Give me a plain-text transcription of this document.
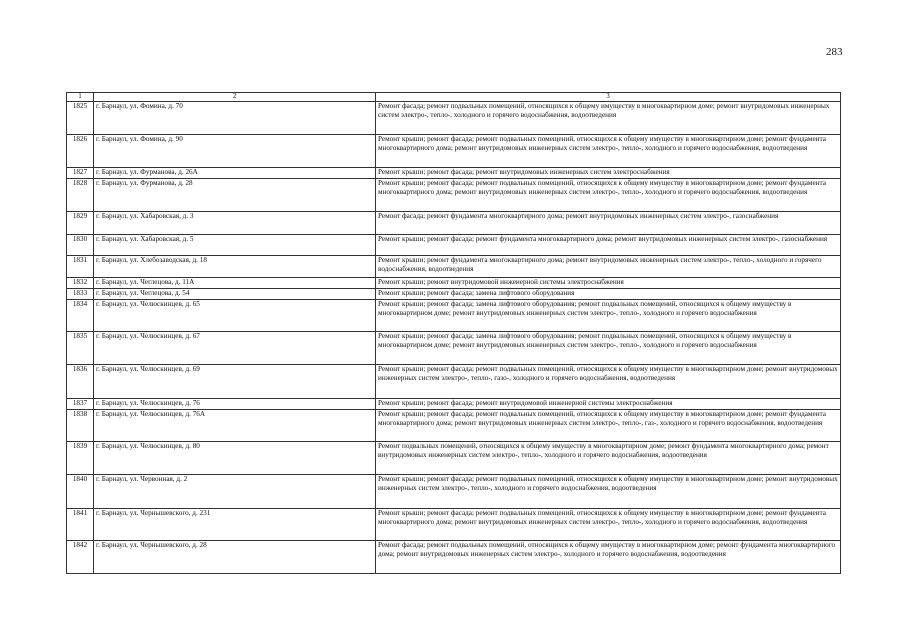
283
1	2	3
1825	г. Барнаул, ул. Фомина, д. 70	Ремонт фасада; ремонт подвальных помещений, относящихся к общему имуществу в многоквартирном доме; ремонт внутридомовых инженерных систем электро-, тепло-, холодного и горячего водоснабжения, водоотведения
1826	г. Барнаул, ул. Фомина, д. 90	Ремонт крыши; ремонт фасада; ремонт подвальных помещений, относящихся к общему имуществу в многоквартирном доме; ремонт фундамента многоквартирного дома; ремонт внутридомовых инженерных систем электро-, тепло-, холодного и горячего водоснабжения, водоотведения
1827	г. Барнаул, ул. Фурманова, д. 26А	Ремонт крыши; ремонт фасада; ремонт внутридомовых инженерных систем электроснабжения
1828	г. Барнаул, ул. Фурманова, д. 28	Ремонт крыши; ремонт фасада; ремонт подвальных помещений, относящихся к общему имуществу в многоквартирном доме; ремонт фундамента многоквартирного дома; ремонт внутридомовых инженерных систем электро-, тепло-, холодного и горячего водоснабжения, водоотведения
1829	г. Барнаул, ул. Хабаровская, д. 3	Ремонт фасада; ремонт фундамента многоквартирного дома; ремонт внутридомовых инженерных систем электро-, газоснабжения
1830	г. Барнаул, ул. Хабаровская, д. 5	Ремонт крыши; ремонт фасада; ремонт фундамента многоквартирного дома; ремонт внутридомовых инженерных систем электро-, газоснабжения
1831	г. Барнаул, ул. Хлебозаводская, д. 18	Ремонт крыши; ремонт фундамента многоквартирного дома; ремонт внутридомовых инженерных систем электро-, тепло-, холодного и горячего водоснабжения, водоотведения
1832	г. Барнаул, ул. Чеглецова, д. 11А	Ремонт крыши; ремонт внутридомовой инженерной системы электроснабжения
1833	г. Барнаул, ул. Чеглецова, д. 54	Ремонт крыши; ремонт фасада; замена лифтового оборудования
1834	г. Барнаул, ул. Челюскинцев, д. 65	Ремонт крыши; ремонт фасада; замена лифтового оборудования; ремонт подвальных помещений, относящихся к общему имуществу в многоквартирном доме; ремонт внутридомовых инженерных систем электро-, тепло-, холодного и горячего водоснабжения
1835	г. Барнаул, ул. Челюскинцев, д. 67	Ремонт крыши; ремонт фасада; замена лифтового оборудования; ремонт подвальных помещений, относящихся к общему имуществу в многоквартирном доме; ремонт внутридомовых инженерных систем электро-, тепло-, холодного и горячего водоснабжения
1836	г. Барнаул, ул. Челюскинцев, д. 69	Ремонт крыши; ремонт фасада; ремонт подвальных помещений, относящихся к общему имуществу в многоквартирном доме; ремонт внутридомовых инженерных систем электро-, тепло-, газо-, холодного и горячего водоснабжения, водоотведения
1837	г. Барнаул, ул. Челюскинцев, д. 76	Ремонт крыши; ремонт фасада; ремонт внутридомовой инженерной системы электроснабжения
1838	г. Барнаул, ул. Челюскинцев, д. 76А	Ремонт крыши; ремонт фасада; ремонт подвальных помещений, относящихся к общему имуществу в многоквартирном доме; ремонт фундамента многоквартирного дома; ремонт внутридомовых инженерных систем электро-, тепло-, газ-, холодного и горячего водоснабжения, водоотведения
1839	г. Барнаул, ул. Челюскинцев, д. 80	Ремонт подвальных помещений, относящихся к общему имуществу в многоквартирном доме; ремонт фундамента многоквартирного дома; ремонт внутридомовых инженерных систем электро-, тепло-, холодного и горячего водоснабжения, водоотведения
1840	г. Барнаул, ул. Червонная, д. 2	Ремонт крыши; ремонт фасада; ремонт подвальных помещений, относящихся к общему имуществу в многоквартирном доме; ремонт внутридомовых инженерных систем электро-, тепло-, холодного и горячего водоснабжения, водоотведения
1841	г. Барнаул, ул. Чернышевского, д. 231	Ремонт крыши; ремонт фасада; ремонт подвальных помещений, относящихся к общему имуществу в многоквартирном доме; ремонт фундамента многоквартирного дома; ремонт внутридомовых инженерных систем электро-, тепло-, холодного и горячего водоснабжения, водоотведения
1842	г. Барнаул, ул. Чернышевского, д. 28	Ремонт фасада; ремонт подвальных помещений, относящихся к общему имуществу в многоквартирном доме; ремонт фундамента многоквартирного дома; ремонт внутридомовых инженерных систем электро-, холодного и горячего водоснабжения, водоотведения
